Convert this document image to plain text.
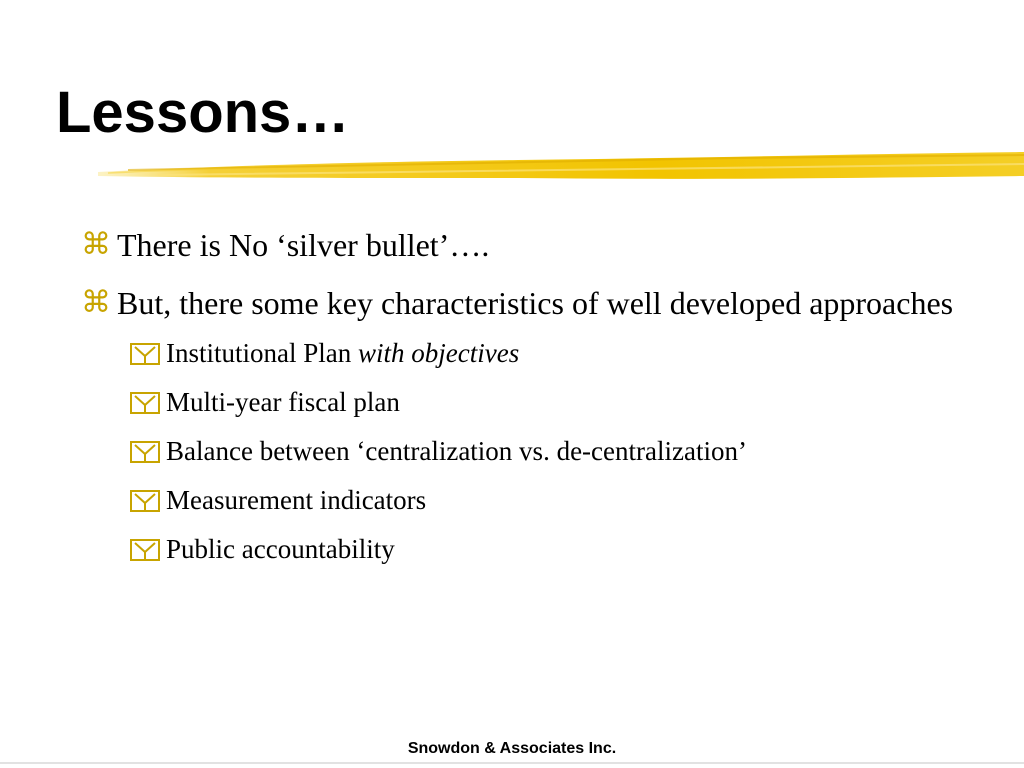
Lessons…
⌘ There is No ‘silver bullet’….
⌘ But, there some key characteristics of well developed approaches
Institutional Plan with objectives
Multi-year fiscal plan
Balance between ‘centralization vs. de-centralization’
Measurement indicators
Public accountability
Snowdon & Associates Inc.
